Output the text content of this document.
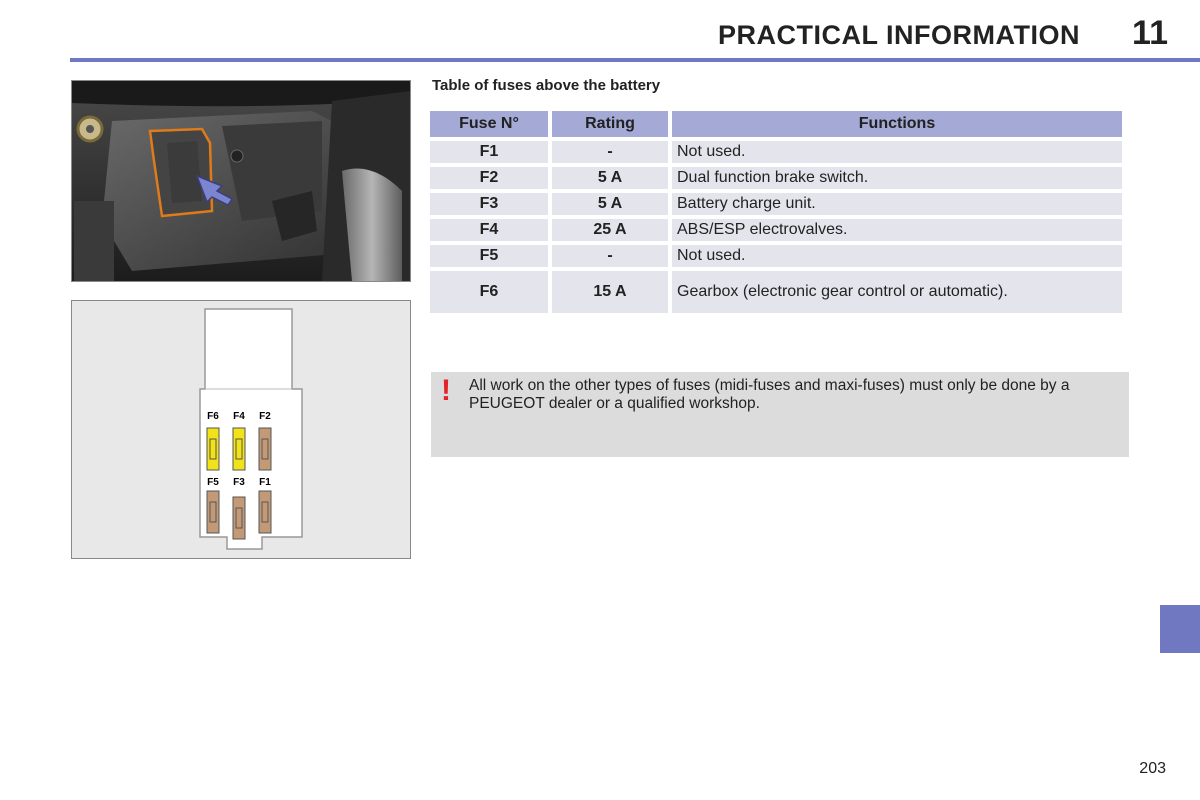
PRACTICAL INFORMATION 11
F6 F4 F2
F5 F3 F1
Table of fuses above the battery
Fuse N°	Rating	Functions
F1	-	Not used.
F2	5 A	Dual function brake switch.
F3	5 A	Battery charge unit.
F4	25 A	ABS/ESP electrovalves.
F5	-	Not used.
F6	15 A	Gearbox (electronic gear control or automatic).
! All work on the other types of fuses (midi-fuses and maxi-fuses) must only be done by a PEUGEOT dealer or a qualified workshop.
203
